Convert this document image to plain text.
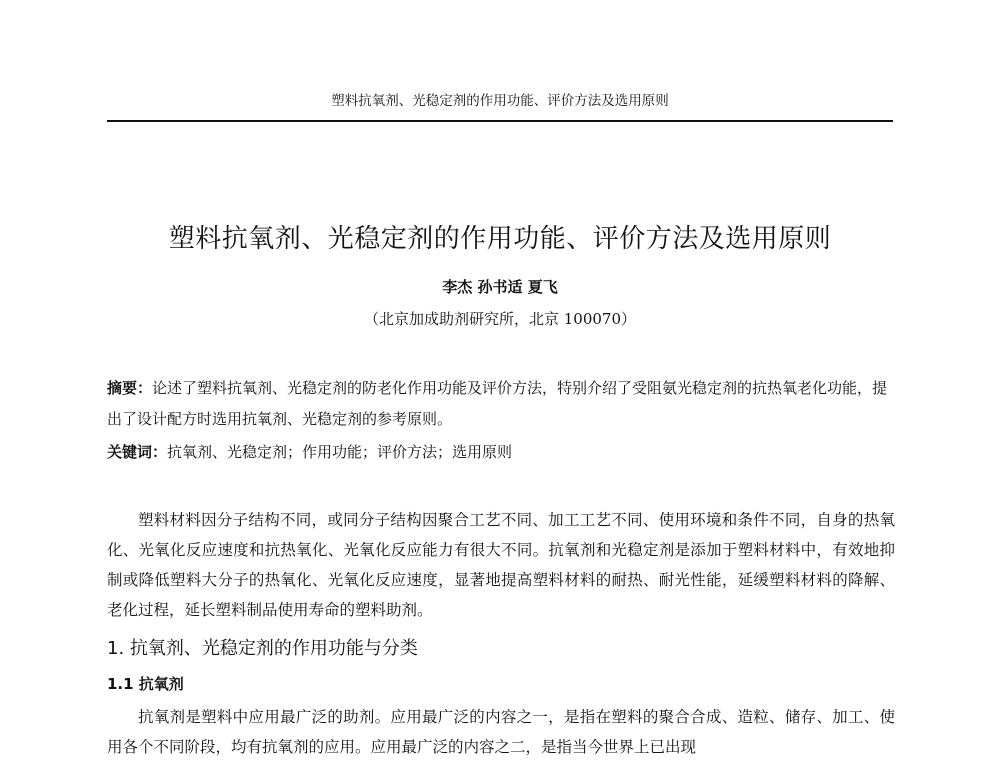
塑料抗氧剂、光稳定剂的作用功能、评价方法及选用原则
塑料抗氧剂、光稳定剂的作用功能、评价方法及选用原则
李杰 孙书适 夏飞
（北京加成助剂研究所，北京 100070）

摘要：论述了塑料抗氧剂、光稳定剂的防老化作用功能及评价方法，特别介绍了受阻氨光稳定剂的抗热氧老化功能，提出了设计配方时选用抗氧剂、光稳定剂的参考原则。

关键词：抗氧剂、光稳定剂；作用功能；评价方法；选用原则

塑料材料因分子结构不同，或同分子结构因聚合工艺不同、加工工艺不同、使用环境和条件不同，自身的热氧化、光氧化反应速度和抗热氧化、光氧化反应能力有很大不同。抗氧剂和光稳定剂是添加于塑料材料中，有效地抑制或降低塑料大分子的热氧化、光氧化反应速度，显著地提高塑料材料的耐热、耐光性能，延缓塑料材料的降解、老化过程，延长塑料制品使用寿命的塑料助剂。

1. 抗氧剂、光稳定剂的作用功能与分类
1.1 抗氧剂

抗氧剂是塑料中应用最广泛的助剂。应用最广泛的内容之一，是指在塑料的聚合合成、造粒、储存、加工、使用各个不同阶段，均有抗氧剂的应用。应用最广泛的内容之二，是指当今世界上已出现
